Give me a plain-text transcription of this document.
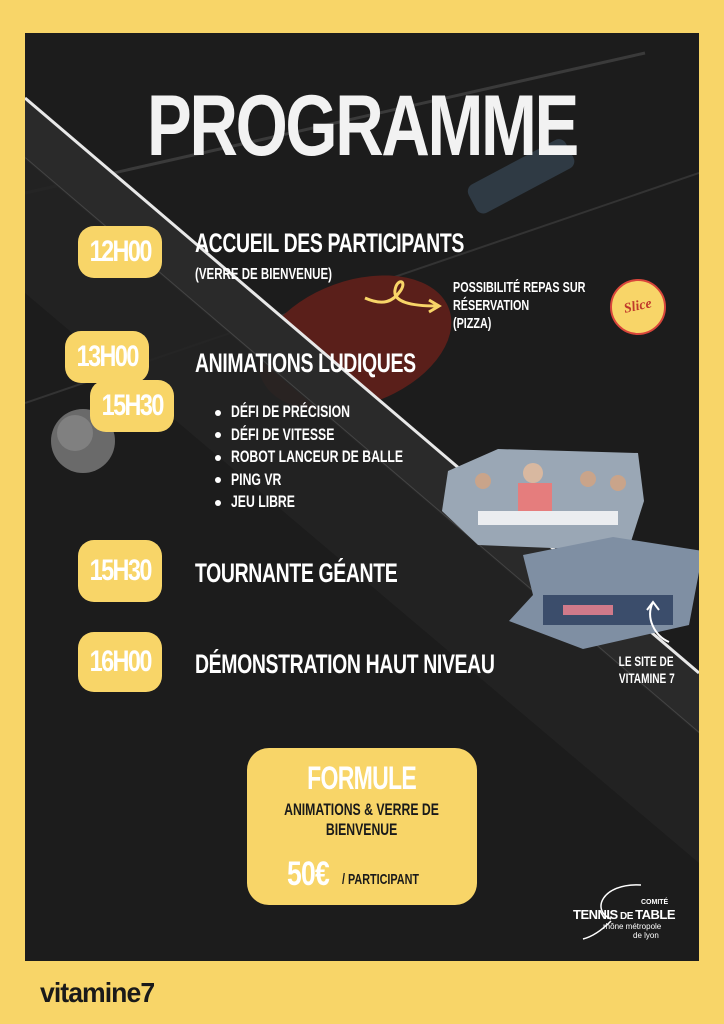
PROGRAMME
12H00 ACCUEIL DES PARTICIPANTS
(VERRE DE BIENVENUE)
POSSIBILITÉ REPAS SUR
RÉSERVATION
(PIZZA)
Slice
13H00
15H30
ANIMATIONS LUDIQUES
DÉFI DE PRÉCISION
DÉFI DE VITESSE
ROBOT LANCEUR DE BALLE
PING VR
JEU LIBRE
LE SITE DE
VITAMINE 7
15H30 TOURNANTE GÉANTE
16H00 DÉMONSTRATION HAUT NIVEAU
FORMULE
ANIMATIONS & VERRE DE
BIENVENUE
50€ / PARTICIPANT
COMITÉ
TENNIS DE TABLE
rhône métropole
de lyon
vitamine7
